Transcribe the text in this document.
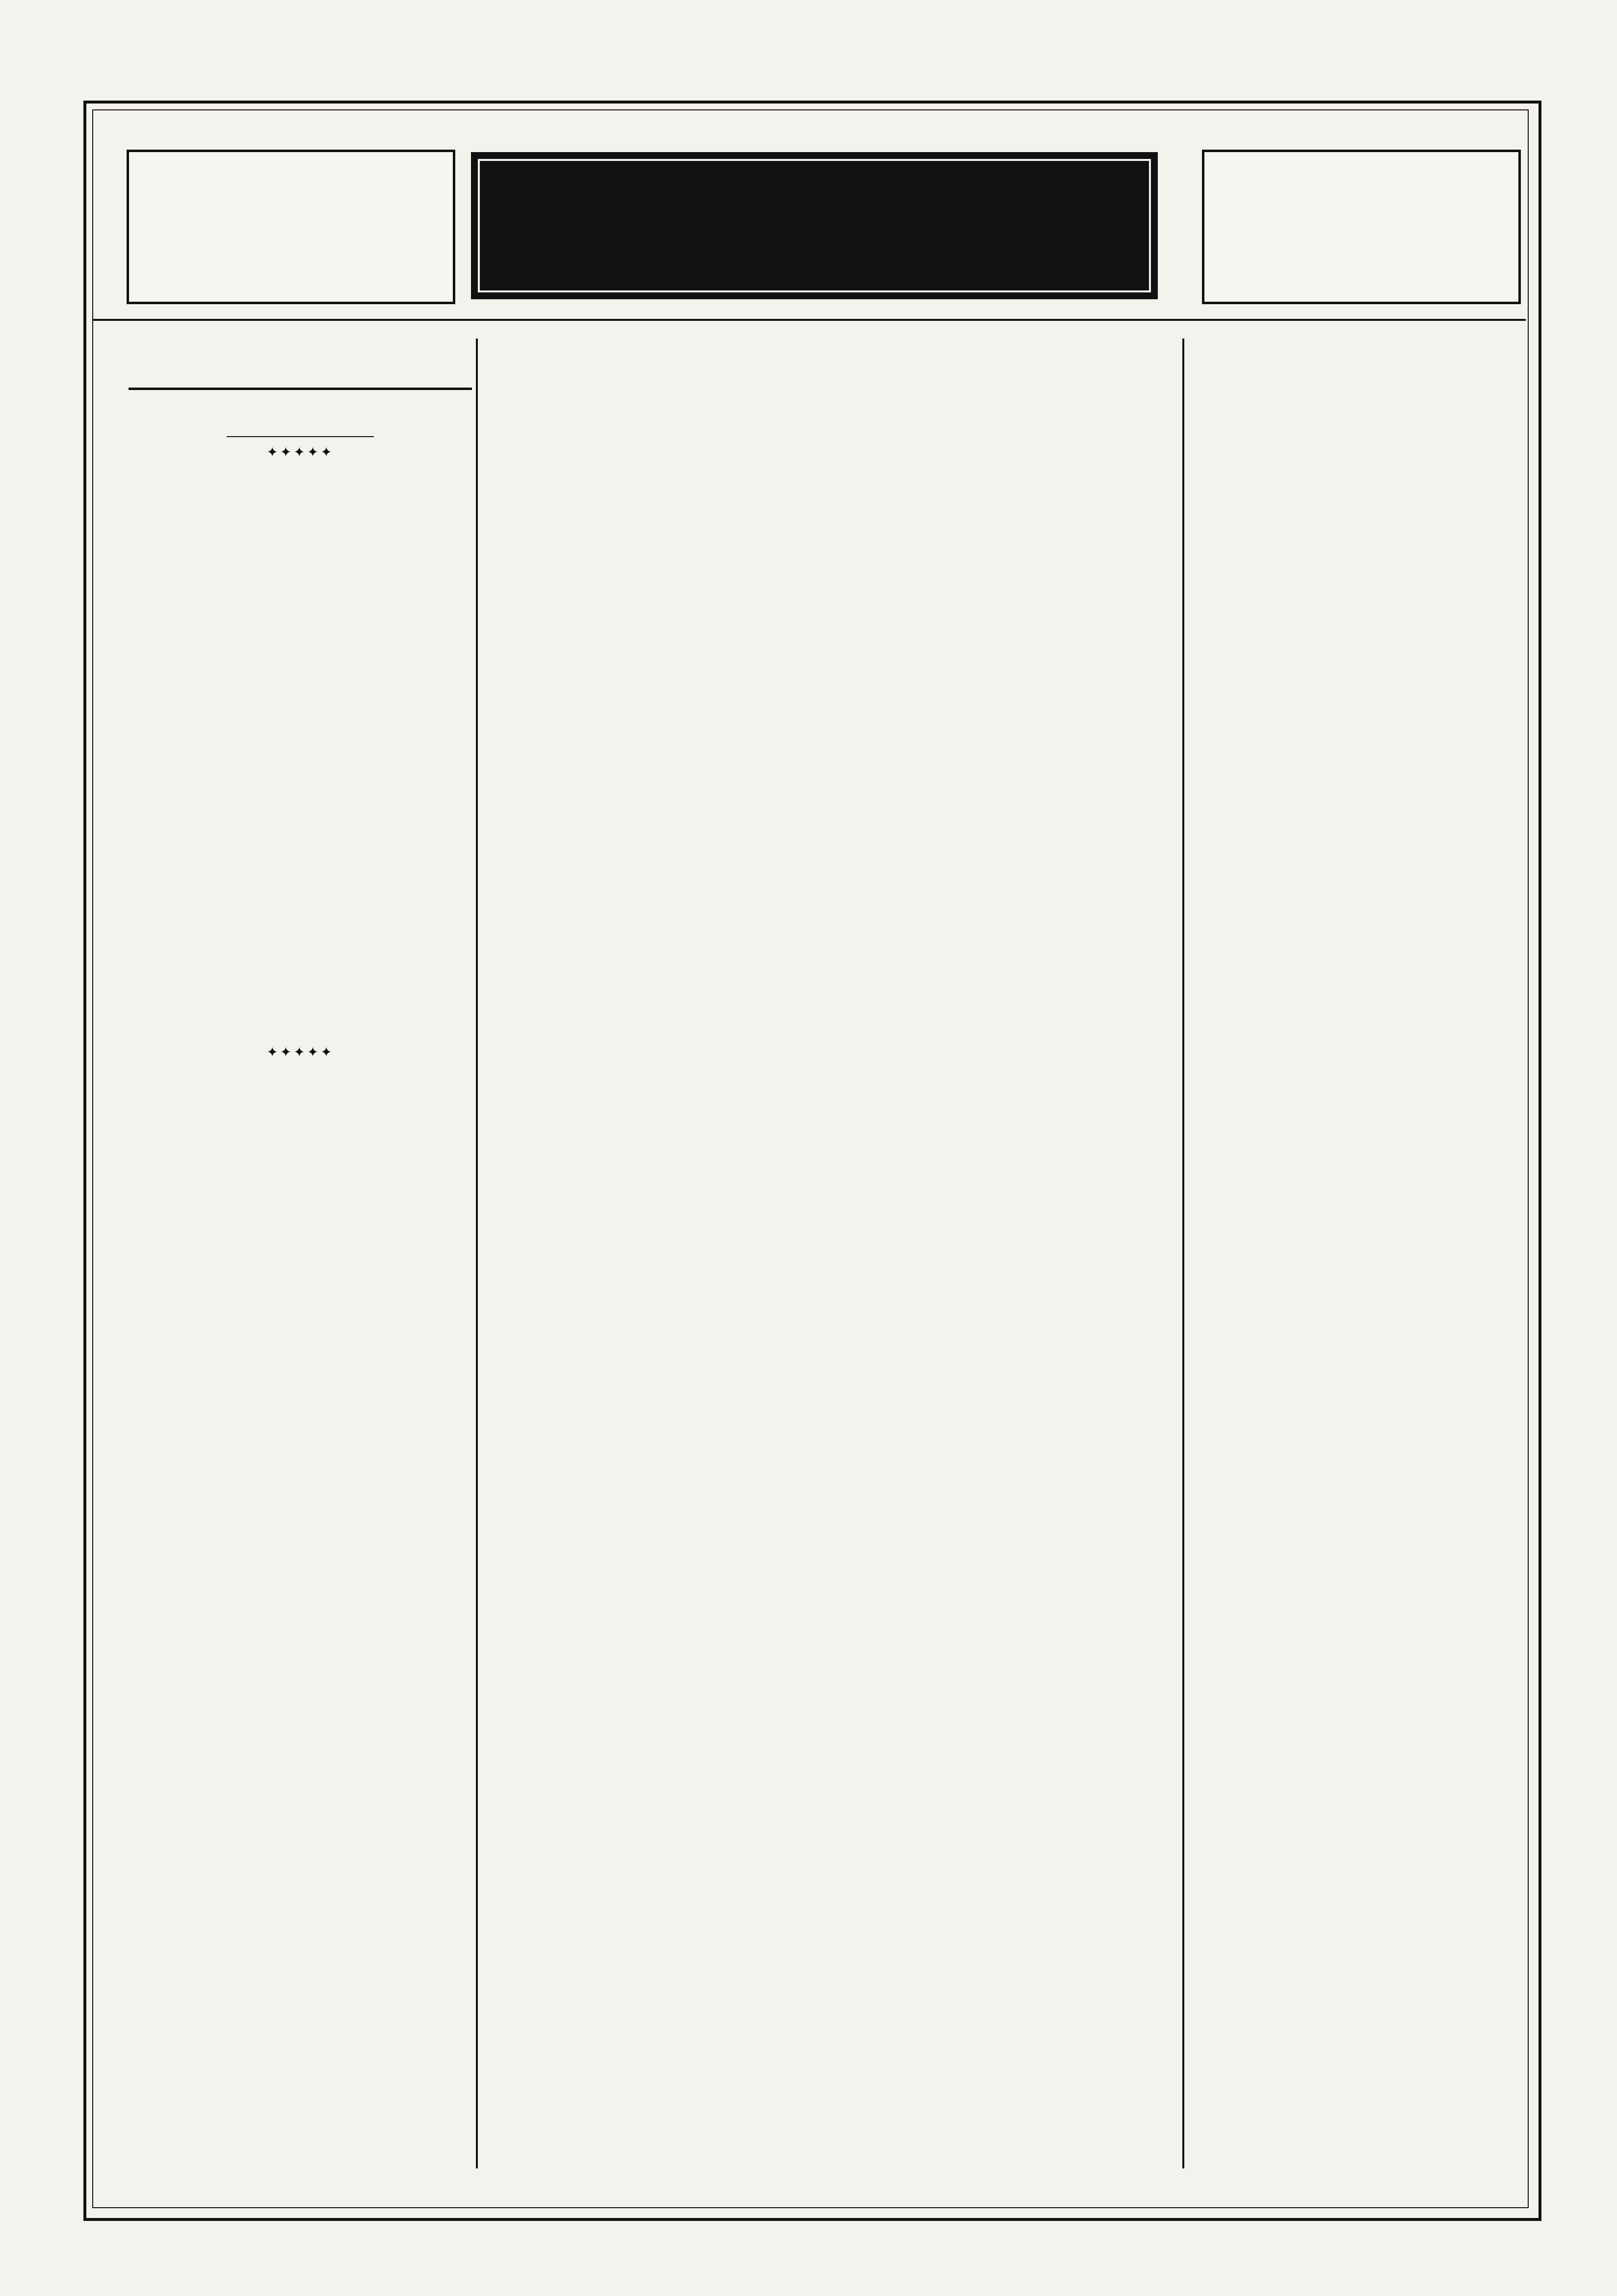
✦✦✦✦✦

✦✦✦✦✦
